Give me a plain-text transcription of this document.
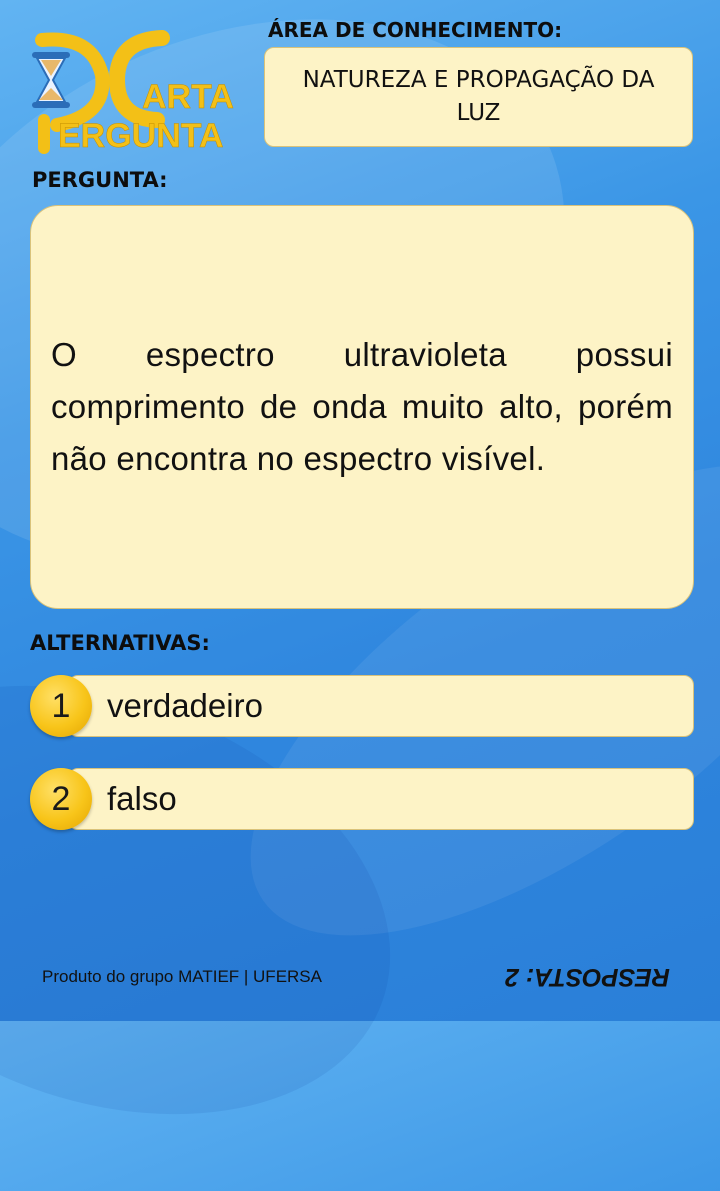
ARTA
ERGUNTA
ÁREA DE CONHECIMENTO:
NATUREZA E PROPAGAÇÃO DA LUZ
PERGUNTA:
O espectro ultravioleta possui comprimento de onda muito alto, porém não encontra no espectro visível.
ALTERNATIVAS:
1	verdadeiro
2	falso
Produto do grupo MATIEF | UFERSA	RESPOSTA: 2
